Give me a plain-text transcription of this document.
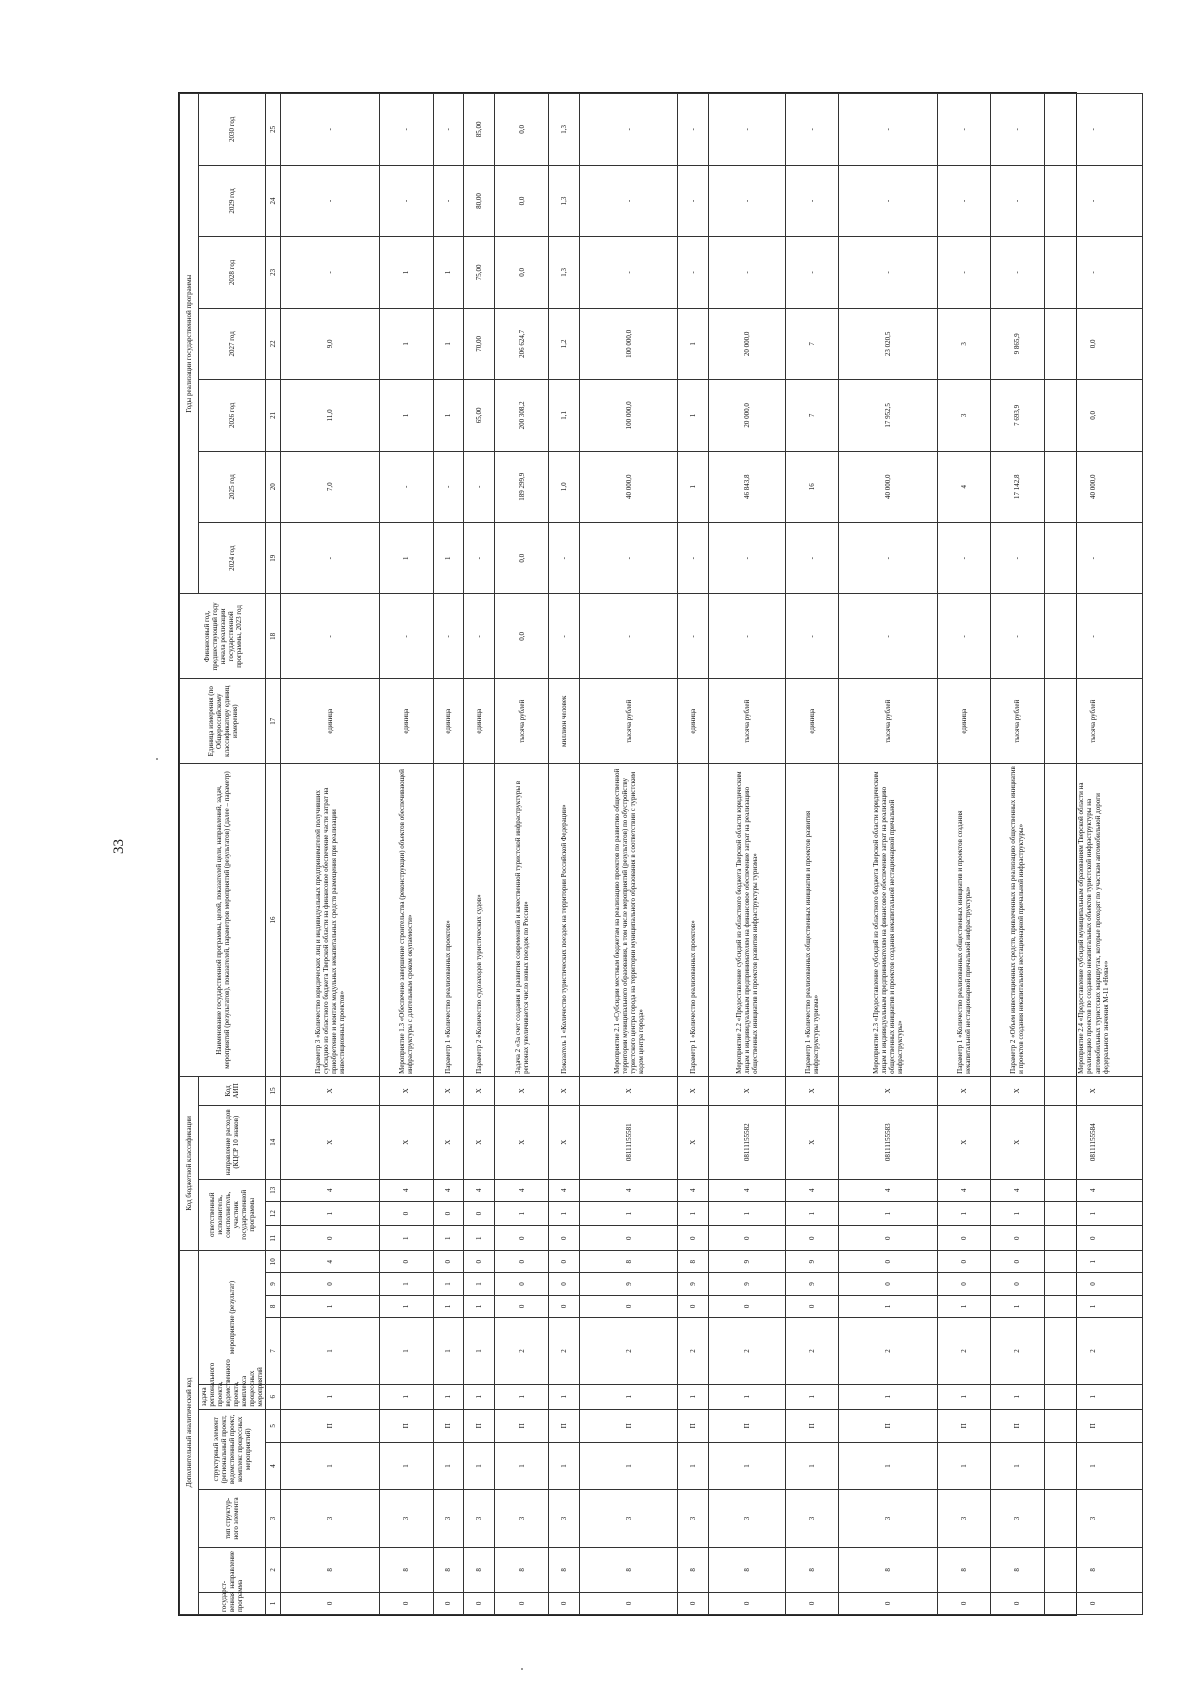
33
Дополнительный аналитический код										Код бюджетной классификации					Наименование государственной программы, целей, показателей цели, направлений, задач, мероприятий (результатов), показателей, параметров мероприятий (результатов) (далее – параметр)	Единица измерения (по Общероссийскому классификатору единиц измерения)	Финансовый год, предшествующий году начала реализации государственной программы, 2023 год	Годы реализации государственной программы						
государст-венная программа	направление	тип структур-ного элемента	структурный элемент (региональный проект, ведомственный проект, комплекс процессных мероприятий)		задача регионального проекта, ведомственного проекта, комплекса процессных мероприятий	мероприятие (результат)				ответственный исполнитель, соисполнитель, участник государственной программы			направление расходов (КЦСР 10 знаков)	Код АИП				2024 год	2025 год	2026 год	2027 год	2028 год	2029 год	2030 год

1	2	3	4	5	6	7	8	9	10	11	12	13	14	15	16	17	18	19	20	21	22	23	24	25
0	8	3	1	П	1	1	1	0	4	0	1	4	Х	Х	Параметр 3 «Количество юридических лиц и индивидуальных предпринимателей получивших субсидию из областного бюджета Тверской области на финансовое обеспечение части затрат на приобретение и монтаж модульных некапитальных средств размещения при реализации инвестиционных проектов»	единица	-	-	7,0	11,0	9,0	-	-	-
0	8	3	1	П	1	1	1	1	0	1	0	4	Х	Х	Мероприятие 1.3 «Обеспечено завершение строительства (реконструкции) объектов обеспечивающей инфраструктуры с длительным сроком окупаемости»	единица	-	1	-	1	1	1	-	-
0	8	3	1	П	1	1	1	1	0	1	0	4	Х	Х	Параметр 1 «Количество реализованных проектов»	единица	-	1	-	1	1	1	-	-
0	8	3	1	П	1	1	1	1	0	1	0	4	Х	Х	Параметр 2 «Количество судозаходов туристических судов»	единица	-	-	-	65,00	70,00	75,00	80,00	85,00
0	8	3	1	П	1	2	0	0	0	0	1	4	Х	Х	Задача 2 «За счет создания и развития современной и качественной туристской инфраструктуры в регионах увеличивается число новых поездок по России»	тысяча рублей	0,0	0,0	189 299,9	200 308,2	206 624,7	0,0	0,0	0,0
0	8	3	1	П	1	2	0	0	0	0	1	4	Х	Х	Показатель 1 «Количество туристических поездок на территории Российской Федерации»	миллион человек	-	-	1,0	1,1	1,2	1,3	1,3	1,3
0	8	3	1	П	1	2	0	9	8	0	1	4	08111155581	Х	Мероприятие 2.1 «Субсидии местным бюджетам на реализацию проектов по развитию общественной территории муниципального образования, в том числе мероприятий (результатов) по обустройству туристского центра города на территории муниципального образования в соответствии с туристским кодом центра города»	тысяча рублей	-	-	40 000,0	100 000,0	100 000,0	-	-	-
0	8	3	1	П	1	2	0	9	8	0	1	4	Х	Х	Параметр 1 «Количество реализованных проектов»	единица	-	-	1	1	1	-	-	-
0	8	3	1	П	1	2	0	9	9	0	1	4	08111155582	Х	Мероприятие 2.2 «Предоставление субсидий из областного бюджета Тверской области юридическим лицам и индивидуальным предпринимателям на финансовое обеспечение затрат на реализацию общественных инициатив и проектов развития инфраструктуры туризма»	тысяча рублей	-	-	46 843,8	20 000,0	20 000,0	-	-	-
0	8	3	1	П	1	2	0	9	9	0	1	4	Х	Х	Параметр 1 «Количество реализованных общественных инициатив и проектов развития инфраструктуры туризма»	единица	-	-	16	7	7	-	-	-
0	8	3	1	П	1	2	1	0	0	0	1	4	08111155583	Х	Мероприятие 2.3 «Предоставление субсидий из областного бюджета Тверской области юридическим лицам и индивидуальным предпринимателям на финансовое обеспечение затрат на реализацию общественных инициатив и проектов создания некапитальной нестационарной причальной инфраструктуры»	тысяча рублей	-	-	40 000,0	17 952,5	23 020,5	-	-	-
0	8	3	1	П	1	2	1	0	0	0	1	4	Х	Х	Параметр 1 «Количество реализованных общественных инициатив и проектов создания некапитальной нестационарной причальной инфраструктуры»	единица	-	-	4	3	3	-	-	-
0	8	3	1	П	1	2	1	0	0	0	1	4	Х	Х	Параметр 2 «Объем инвестиционных средств, привлеченных на реализацию общественных инициатив и проектов создания некапитальной нестационарной причальной инфраструктуры»	тысяча рублей	-	-	17 142,8	7 693,9	9 865,9	-	-	-
0	8	3	1	П	1	2	1	0	1	0	1	4	08111155584	Х	Мероприятие 2.4 «Предоставление субсидий муниципальным образованиям Тверской области на реализацию проектов по созданию некапитальных объектов туристской инфраструктуры на автомобильных туристских маршрутах, которые проходят по участкам автомобильной дороги федерального значения М-11 «Нева»»	тысяча рублей	-	-	40 000,0	0,0	0,0	-	-	-
